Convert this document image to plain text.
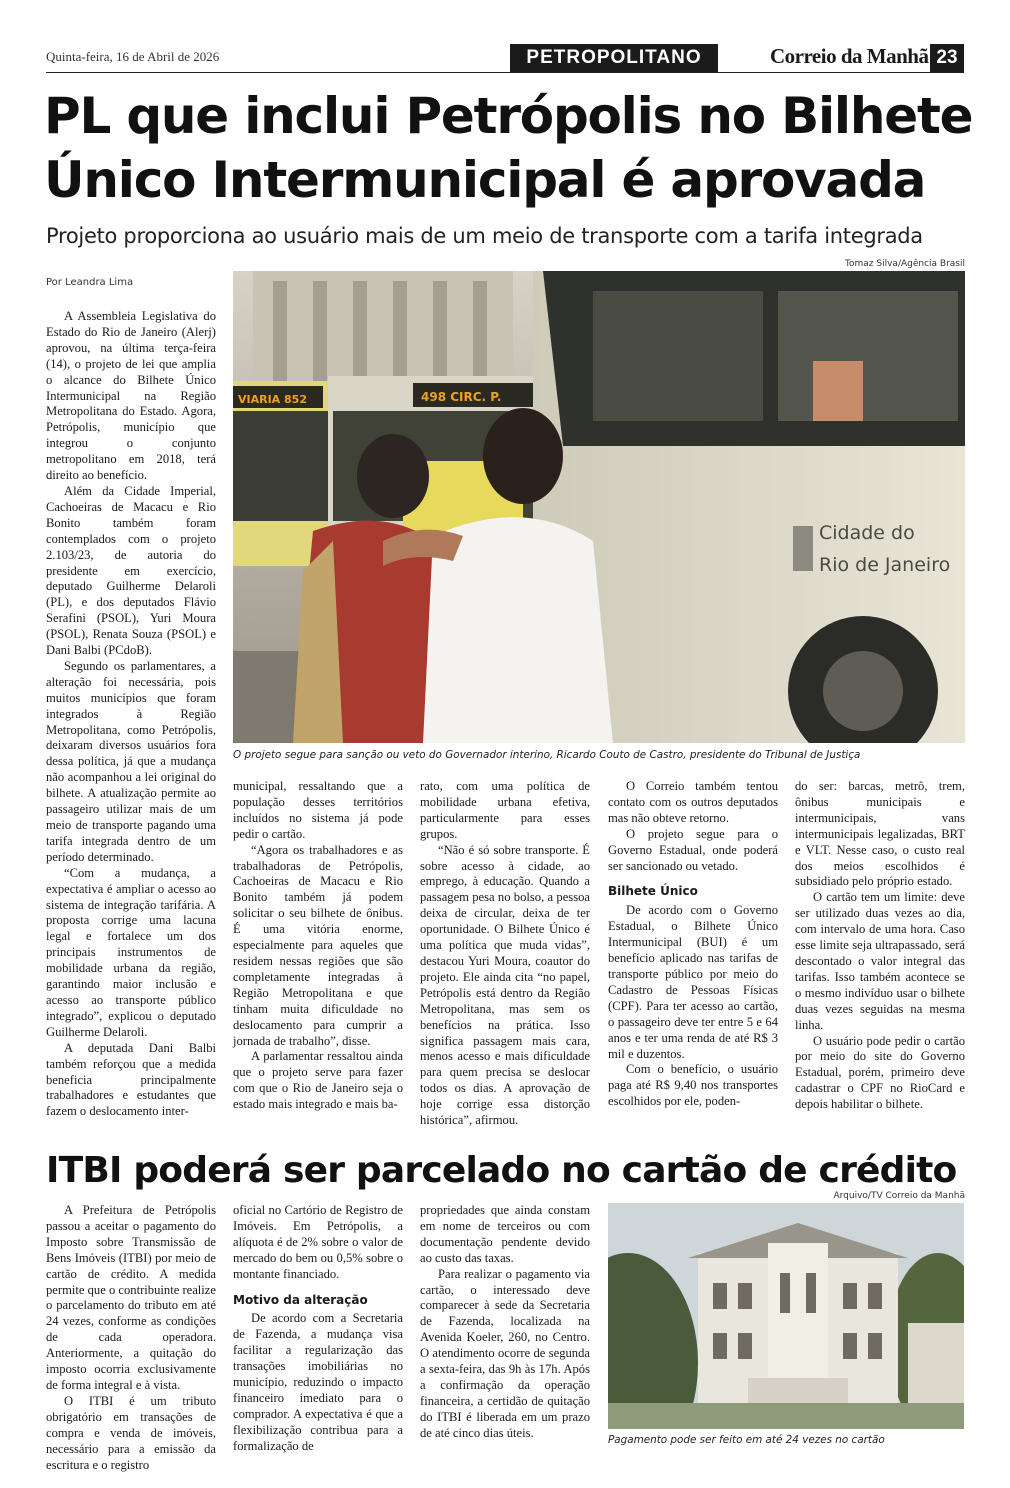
Quinta-feira, 16 de Abril de 2026	PETROPOLITANO	Correio da Manhã 23
PL que inclui Petrópolis no Bilhete Único Intermunicipal é aprovada
Projeto proporciona ao usuário mais de um meio de transporte com a tarifa integrada
Por Leandra Lima
Tomaz Silva/Agência Brasil
VIARIA 852	498 CIRC. P.
Cidade do
Rio de Janeiro
O projeto segue para sanção ou veto do Governador interino, Ricardo Couto de Castro, presidente do Tribunal de Justiça

A Assembleia Legislativa do Estado do Rio de Janeiro (Alerj) aprovou, na última terça-feira (14), o projeto de lei que amplia o alcance do Bilhete Único Intermunicipal na Região Metropolitana do Estado. Agora, Petrópolis, município que integrou o conjunto metropolitano em 2018, terá direito ao benefício.

Além da Cidade Imperial, Cachoeiras de Macacu e Rio Bonito também foram contemplados com o projeto 2.103/23, de autoria do presidente em exercício, deputado Guilherme Delaroli (PL), e dos deputados Flávio Serafini (PSOL), Yuri Moura (PSOL), Renata Souza (PSOL) e Dani Balbi (PCdoB).

Segundo os parlamentares, a alteração foi necessária, pois muitos municípios que foram integrados à Região Metropolitana, como Petrópolis, deixaram diversos usuários fora dessa política, já que a mudança não acompanhou a lei original do bilhete. A atualização permite ao passageiro utilizar mais de um meio de transporte pagando uma tarifa integrada dentro de um período determinado.

“Com a mudança, a expectativa é ampliar o acesso ao sistema de integração tarifária. A proposta corrige uma lacuna legal e fortalece um dos principais instrumentos de mobilidade urbana da região, garantindo maior inclusão e acesso ao transporte público integrado”, explicou o deputado Guilherme Delaroli.

A deputada Dani Balbi também reforçou que a medida beneficia principalmente trabalhadores e estudantes que fazem o deslocamento inter-

municipal, ressaltando que a população desses territórios incluídos no sistema já pode pedir o cartão.

“Agora os trabalhadores e as trabalhadoras de Petrópolis, Cachoeiras de Macacu e Rio Bonito também já podem solicitar o seu bilhete de ônibus. É uma vitória enorme, especialmente para aqueles que residem nessas regiões que são completamente integradas à Região Metropolitana e que tinham muita dificuldade no deslocamento para cumprir a jornada de trabalho”, disse.

A parlamentar ressaltou ainda que o projeto serve para fazer com que o Rio de Janeiro seja o estado mais integrado e mais ba-

rato, com uma política de mobilidade urbana efetiva, particularmente para esses grupos.

“Não é só sobre transporte. É sobre acesso à cidade, ao emprego, à educação. Quando a passagem pesa no bolso, a pessoa deixa de circular, deixa de ter oportunidade. O Bilhete Único é uma política que muda vidas”, destacou Yuri Moura, coautor do projeto. Ele ainda cita “no papel, Petrópolis está dentro da Região Metropolitana, mas sem os benefícios na prática. Isso significa passagem mais cara, menos acesso e mais dificuldade para quem precisa se deslocar todos os dias. A aprovação de hoje corrige essa distorção histórica”, afirmou.

O Correio também tentou contato com os outros deputados mas não obteve retorno.

O projeto segue para o Governo Estadual, onde poderá ser sancionado ou vetado.

Bilhete Único

De acordo com o Governo Estadual, o Bilhete Único Intermunicipal (BUI) é um benefício aplicado nas tarifas de transporte público por meio do Cadastro de Pessoas Físicas (CPF). Para ter acesso ao cartão, o passageiro deve ter entre 5 e 64 anos e ter uma renda de até R$ 3 mil e duzentos.

Com o benefício, o usuário paga até R$ 9,40 nos transportes escolhidos por ele, poden-

do ser: barcas, metrô, trem, ônibus municipais e intermunicipais, vans intermunicipais legalizadas, BRT e VLT. Nesse caso, o custo real dos meios escolhidos é subsidiado pelo próprio estado.

O cartão tem um limite: deve ser utilizado duas vezes ao dia, com intervalo de uma hora. Caso esse limite seja ultrapassado, será descontado o valor integral das tarifas. Isso também acontece se o mesmo indivíduo usar o bilhete duas vezes seguidas na mesma linha.

O usuário pode pedir o cartão por meio do site do Governo Estadual, porém, primeiro deve cadastrar o CPF no RioCard e depois habilitar o bilhete.

ITBI poderá ser parcelado no cartão de crédito
Arquivo/TV Correio da Manhã
Pagamento pode ser feito em até 24 vezes no cartão

A Prefeitura de Petrópolis passou a aceitar o pagamento do Imposto sobre Transmissão de Bens Imóveis (ITBI) por meio de cartão de crédito. A medida permite que o contribuinte realize o parcelamento do tributo em até 24 vezes, conforme as condições de cada operadora. Anteriormente, a quitação do imposto ocorria exclusivamente de forma integral e à vista.

O ITBI é um tributo obrigatório em transações de compra e venda de imóveis, necessário para a emissão da escritura e o registro

oficial no Cartório de Registro de Imóveis. Em Petrópolis, a alíquota é de 2% sobre o valor de mercado do bem ou 0,5% sobre o montante financiado.

Motivo da alteração

De acordo com a Secretaria de Fazenda, a mudança visa facilitar a regularização das transações imobiliárias no município, reduzindo o impacto financeiro imediato para o comprador. A expectativa é que a flexibilização contribua para a formalização de

propriedades que ainda constam em nome de terceiros ou com documentação pendente devido ao custo das taxas.

Para realizar o pagamento via cartão, o interessado deve comparecer à sede da Secretaria de Fazenda, localizada na Avenida Koeler, 260, no Centro. O atendimento ocorre de segunda a sexta-feira, das 9h às 17h. Após a confirmação da operação financeira, a certidão de quitação do ITBI é liberada em um prazo de até cinco dias úteis.
